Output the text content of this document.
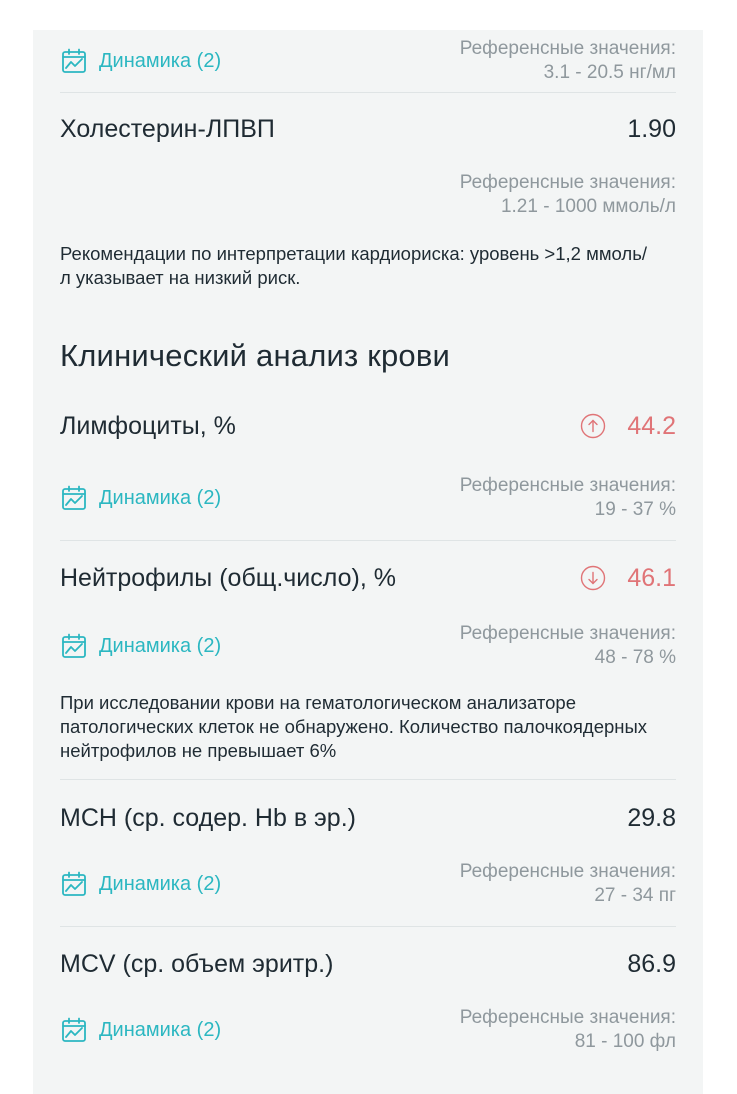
Динамика (2)
Референсные значения:
3.1 - 20.5 нг/мл
Холестерин-ЛПВП	1.90
Референсные значения:
1.21 - 1000 ммоль/л

Рекомендации по интерпретации кардиориска: уровень >1,2 ммоль/л указывает на низкий риск.

Клинический анализ крови
Лимфоциты, %	44.2
Динамика (2)
Референсные значения:
19 - 37 %
Нейтрофилы (общ.число), %	46.1
Динамика (2)
Референсные значения:
48 - 78 %

При исследовании крови на гематологическом анализаторе патологических клеток не обнаружено. Количество палочкоядерных нейтрофилов не превышает 6%

MCH (ср. содер. Hb в эр.)	29.8
Динамика (2)
Референсные значения:
27 - 34 пг
MCV (ср. объем эритр.)	86.9
Динамика (2)
Референсные значения:
81 - 100 фл
